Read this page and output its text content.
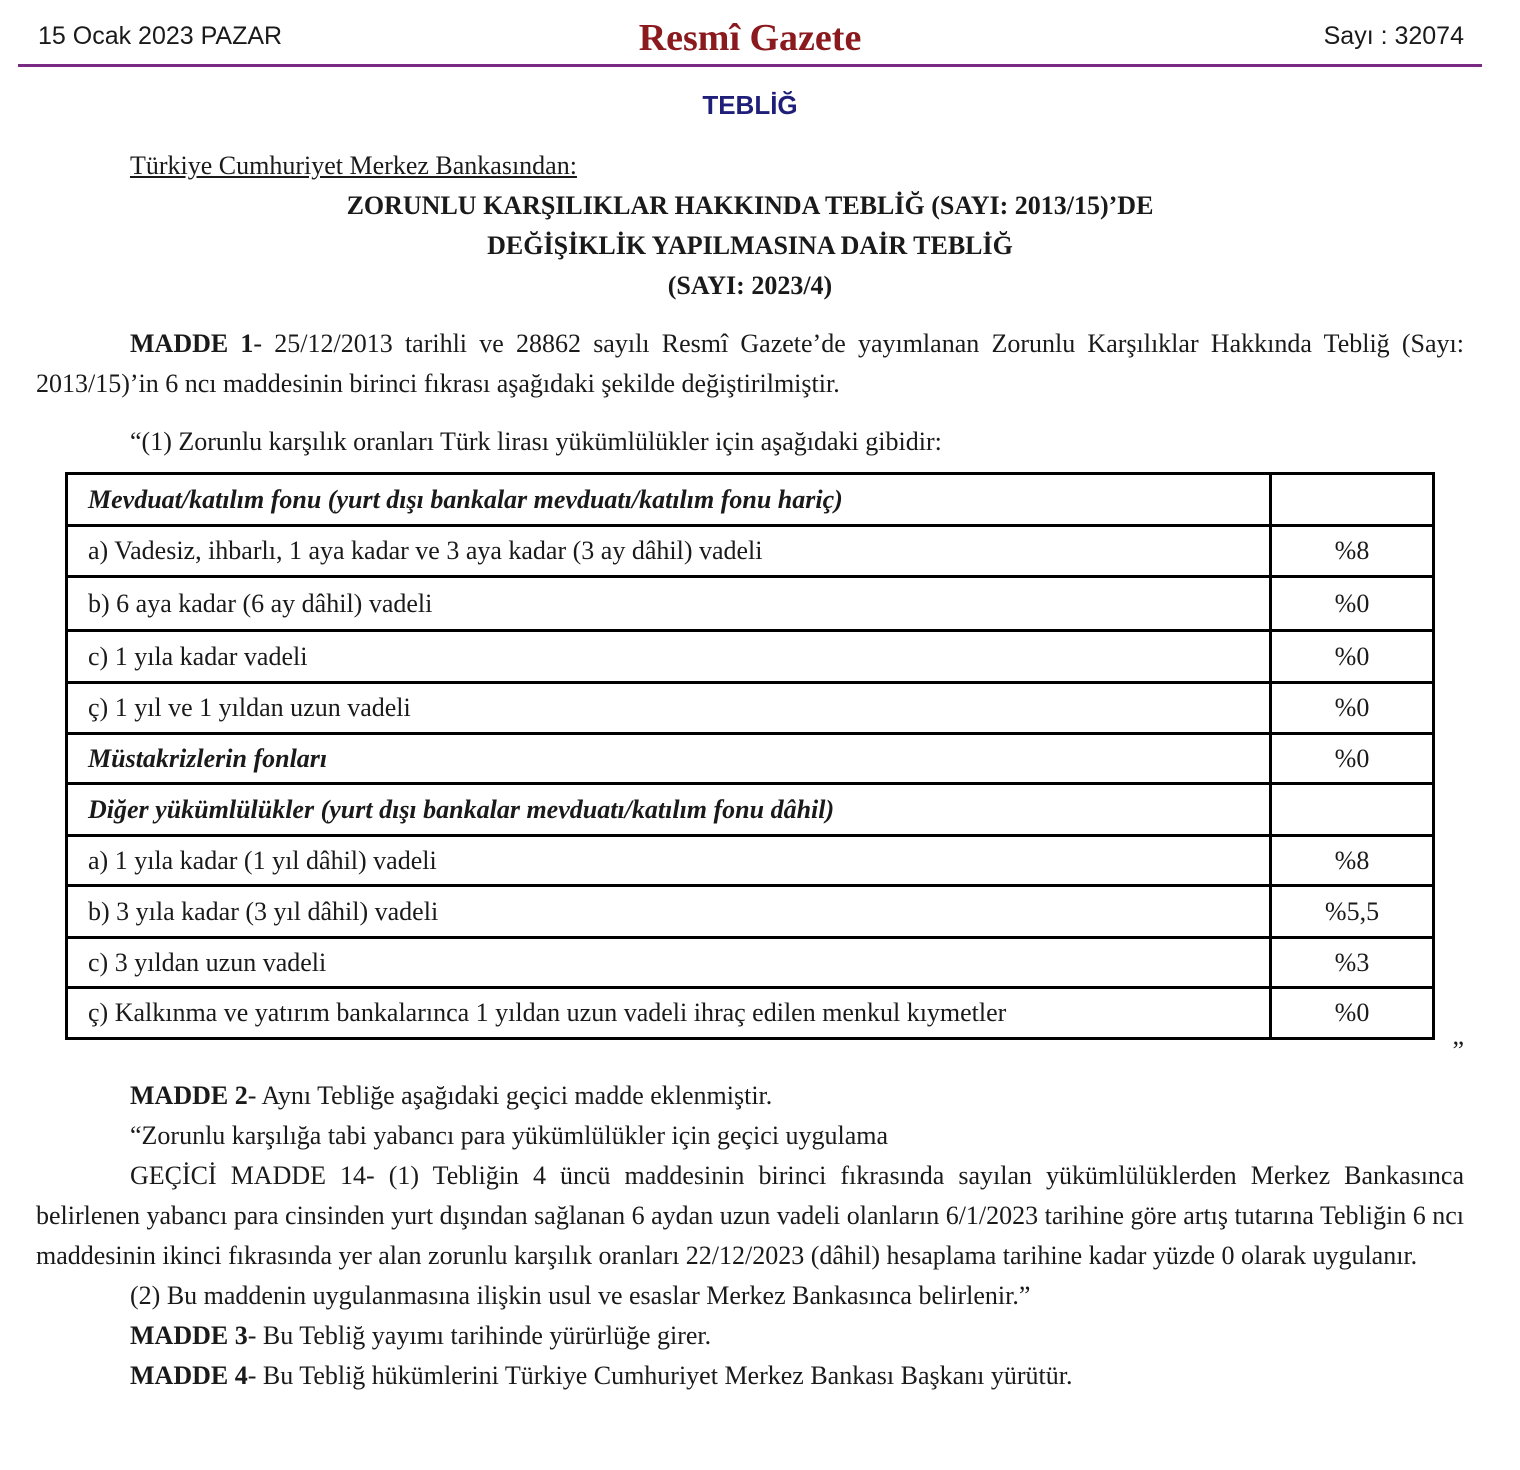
15 Ocak 2023 PAZAR	Resmî Gazete	Sayı : 32074
TEBLİĞ
Türkiye Cumhuriyet Merkez Bankasından:
ZORUNLU KARŞILIKLAR HAKKINDA TEBLİĞ (SAYI: 2013/15)’DE
DEĞİŞİKLİK YAPILMASINA DAİR TEBLİĞ
(SAYI: 2023/4)

MADDE 1- 25/12/2013 tarihli ve 28862 sayılı Resmî Gazete’de yayımlanan Zorunlu Karşılıklar Hakkında Tebliğ (Sayı: 2013/15)’in 6 ncı maddesinin birinci fıkrası aşağıdaki şekilde değiştirilmiştir.

“(1) Zorunlu karşılık oranları Türk lirası yükümlülükler için aşağıdaki gibidir:

Mevduat/katılım fonu (yurt dışı bankalar mevduatı/katılım fonu hariç)	
a) Vadesiz, ihbarlı, 1 aya kadar ve 3 aya kadar (3 ay dâhil) vadeli	%8
b) 6 aya kadar (6 ay dâhil) vadeli	%0
c) 1 yıla kadar vadeli	%0
ç) 1 yıl ve 1 yıldan uzun vadeli	%0
Müstakrizlerin fonları	%0
Diğer yükümlülükler (yurt dışı bankalar mevduatı/katılım fonu dâhil)	
a) 1 yıla kadar (1 yıl dâhil) vadeli	%8
b) 3 yıla kadar (3 yıl dâhil) vadeli	%5,5
c) 3 yıldan uzun vadeli	%3
ç) Kalkınma ve yatırım bankalarınca 1 yıldan uzun vadeli ihraç edilen menkul kıymetler	%0
”

MADDE 2- Aynı Tebliğe aşağıdaki geçici madde eklenmiştir.

“Zorunlu karşılığa tabi yabancı para yükümlülükler için geçici uygulama

GEÇİCİ MADDE 14- (1) Tebliğin 4 üncü maddesinin birinci fıkrasında sayılan yükümlülüklerden Merkez Bankasınca belirlenen yabancı para cinsinden yurt dışından sağlanan 6 aydan uzun vadeli olanların 6/1/2023 tarihine göre artış tutarına Tebliğin 6 ncı maddesinin ikinci fıkrasında yer alan zorunlu karşılık oranları 22/12/2023 (dâhil) hesaplama tarihine kadar yüzde 0 olarak uygulanır.

(2) Bu maddenin uygulanmasına ilişkin usul ve esaslar Merkez Bankasınca belirlenir.”

MADDE 3- Bu Tebliğ yayımı tarihinde yürürlüğe girer.

MADDE 4- Bu Tebliğ hükümlerini Türkiye Cumhuriyet Merkez Bankası Başkanı yürütür.
